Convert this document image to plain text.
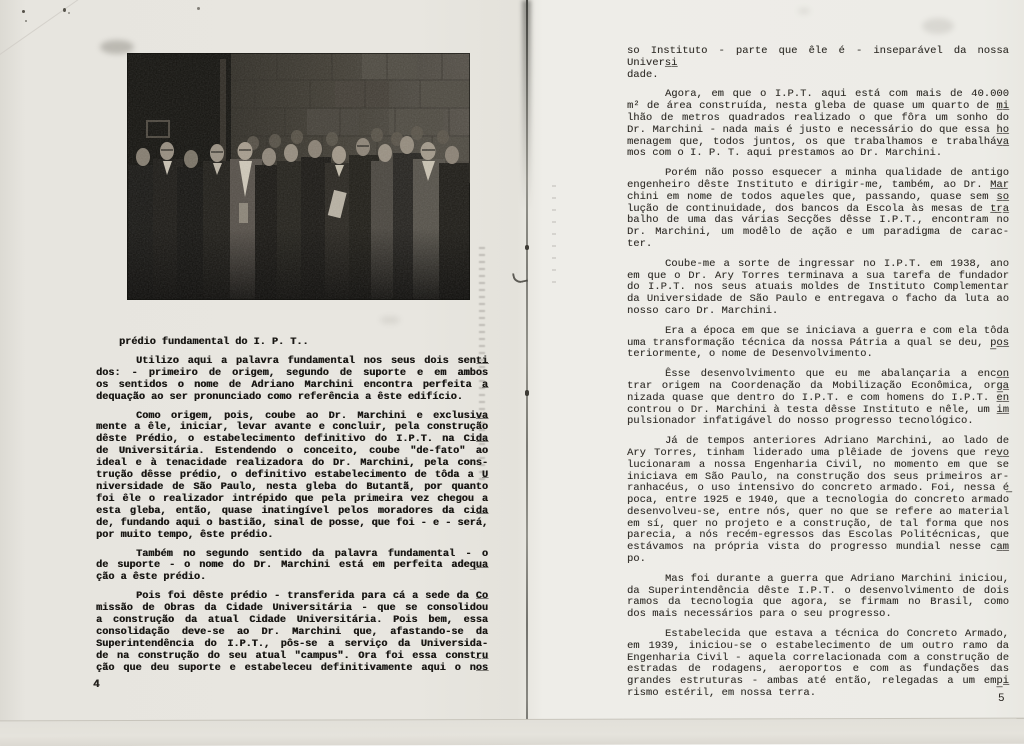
prédio fundamental do I. P. T..
Utilizo aqui a palavra fundamental nos seus dois sent̲i̲
dos: - primeiro de origem, segundo de suporte e em ambos
os sentidos o nome de Adriano Marchini encontra perfeita a̲
dequação ao ser pronunciado como referência a êste edifício.
Como origem, pois, coube ao Dr. Marchini e exclusiv̲a̲
mente a êle, iniciar, levar avante e concluir, pela construção
dêste Prédio, o estabelecimento definitivo do I.P.T. na Cid̲a̲
de Universitária. Estendendo o conceito, coube "de-fato" ao
ideal e à tenacidade realizadora do Dr. Marchini, pela cons-
trução dêsse prédio, o definitivo estabelecimento de tôda a U̲
niversidade de São Paulo, nesta gleba do Butantã, por quanto
foi êle o realizador intrépido que pela primeira vez chegou a
esta gleba, então, quase inatingível pelos moradores da cid̲a̲
de, fundando aqui o bastião, sinal de posse, que foi - e - será,
por muito tempo, êste prédio.
Também no segundo sentido da palavra fundamental - o
de suporte - o nome do Dr. Marchini está em perfeita adeq̲u̲a̲
ção a êste prédio.
Pois foi dêste prédio - transferida para cá a sede da C̲o̲
missão de Obras da Cidade Universitária - que se consolidou
a construção da atual Cidade Universitária. Pois bem, essa
consolidação deve-se ao Dr. Marchini que, afastando-se da
Superintendência do I.P.T., pôs-se a serviço da Universida-
de na construção do seu atual "campus". Ora foi essa constr̲u̲
ção que deu suporte e estabeleceu definitivamente aqui o no̲s̲
4
so Instituto - parte que êle é - inseparável da nossa Univers̲i̲
dade.
Agora, em que o I.P.T. aqui está com mais de 40.000
m² de área construída, nesta gleba de quase um quarto de m̲i̲
lhão de metros quadrados realizado o que fôra um sonho do
Dr. Marchini - nada mais é justo e necessário do que essa h̲o̲
menagem que, todos juntos, os que trabalhamos e trabalháv̲a̲
mos com o I. P. T. aqui prestamos ao Dr. Marchini.
Porém não posso esquecer a minha qualidade de antigo
engenheiro dêste Instituto e dirigir-me, também, ao Dr. M̲a̲r̲
chini em nome de todos aqueles que, passando, quase sem s̲o̲
lução de continuidade, dos bancos da Escola às mesas de t̲r̲a̲
balho de uma das várias Secções dêsse I.P.T., encontram no
Dr. Marchini, um modêlo de ação e um paradigma de carac-
ter.
Coube-me a sorte de ingressar no I.P.T. em 1938, ano
em que o Dr. Ary Torres terminava a sua tarefa de fundador
do I.P.T. nos seus atuais moldes de Instituto Complementar
da Universidade de São Paulo e entregava o facho da luta ao
nosso caro Dr. Marchini.
Era a época em que se iniciava a guerra e com ela tôda
uma transformação técnica da nossa Pátria a qual se deu, p̲o̲s̲
teriormente, o nome de Desenvolvimento.
Êsse desenvolvimento que eu me abalançaria a enco̲n̲
trar origem na Coordenação da Mobilização Econômica, org̲a̲
nizada quase que dentro do I.P.T. e com homens do I.P.T. e̲n̲
controu o Dr. Marchini à testa dêsse Instituto e nêle, um i̲m̲
pulsionador infatigável do nosso progresso tecnológico.
Já de tempos anteriores Adriano Marchini, ao lado de
Ary Torres, tinham liderado uma plêiade de jovens que rev̲o̲
lucionaram a nossa Engenharia Civil, no momento em que se
iniciava em São Paulo, na construção dos seus primeiros ar-
ranhacéus, o uso intensivo do concreto armado. Foi, nessa é̲
poca, entre 1925 e 1940, que a tecnologia do concreto armado
desenvolveu-se, entre nós, quer no que se refere ao material
em sí, quer no projeto e a construção, de tal forma que nos
parecia, a nós recém-egressos das Escolas Politécnicas, que
estávamos na própria vista do progresso mundial nesse ca̲m̲
po.
Mas foi durante a guerra que Adriano Marchini iniciou,
da Superintendência dêste I.P.T. o desenvolvimento de dois
ramos da tecnologia que agora, se firmam no Brasil, como
dos mais necessários para o seu progresso.
Estabelecida que estava a técnica do Concreto Armado,
em 1939, iniciou-se o estabelecimento de um outro ramo da
Engenharia Civil - aquela correlacionada com a construção de
estradas de rodagens, aeroportos e com as fundações das
grandes estruturas - ambas até então, relegadas a um emp̲i̲
rismo estéril, em nossa terra.	5
